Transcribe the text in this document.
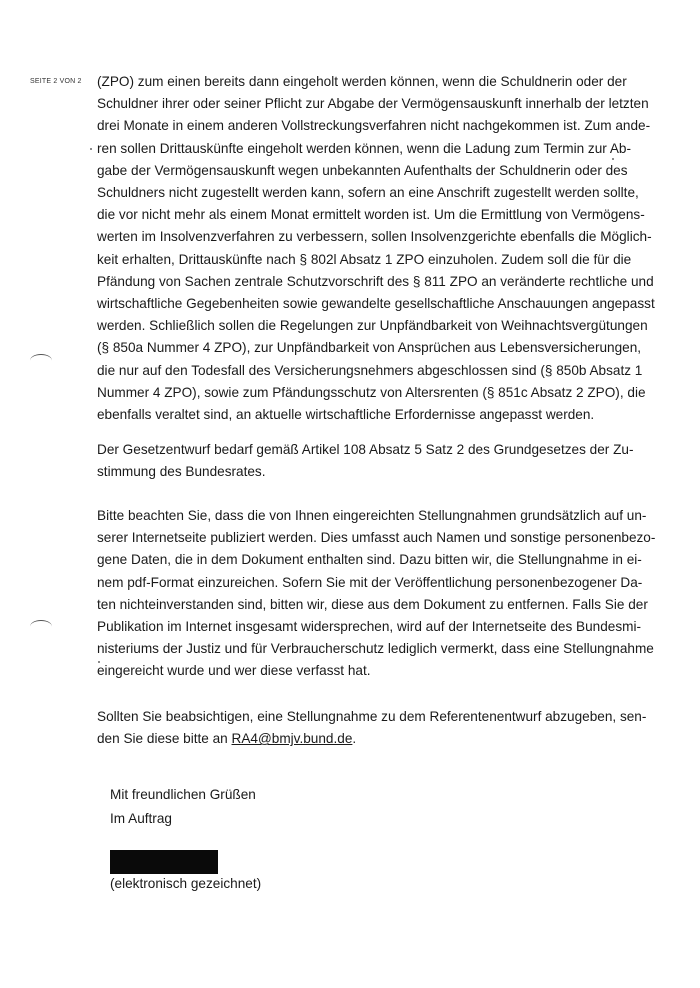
SEITE 2 VON 2 (ZPO) zum einen bereits dann eingeholt werden können, wenn die Schuldnerin oder der
Schuldner ihrer oder seiner Pflicht zur Abgabe der Vermögensauskunft innerhalb der letzten
drei Monate in einem anderen Vollstreckungsverfahren nicht nachgekommen ist. Zum ande-
ren sollen Drittauskünfte eingeholt werden können, wenn die Ladung zum Termin zur Ab-
gabe der Vermögensauskunft wegen unbekannten Aufenthalts der Schuldnerin oder des
Schuldners nicht zugestellt werden kann, sofern an eine Anschrift zugestellt werden sollte,
die vor nicht mehr als einem Monat ermittelt worden ist. Um die Ermittlung von Vermögens-
werten im Insolvenzverfahren zu verbessern, sollen Insolvenzgerichte ebenfalls die Möglich-
keit erhalten, Drittauskünfte nach § 802l Absatz 1 ZPO einzuholen. Zudem soll die für die
Pfändung von Sachen zentrale Schutzvorschrift des § 811 ZPO an veränderte rechtliche und
wirtschaftliche Gegebenheiten sowie gewandelte gesellschaftliche Anschauungen angepasst
werden. Schließlich sollen die Regelungen zur Unpfändbarkeit von Weihnachtsvergütungen
(§ 850a Nummer 4 ZPO), zur Unpfändbarkeit von Ansprüchen aus Lebensversicherungen,
die nur auf den Todesfall des Versicherungsnehmers abgeschlossen sind (§ 850b Absatz 1
Nummer 4 ZPO), sowie zum Pfändungsschutz von Altersrenten (§ 851c Absatz 2 ZPO), die
ebenfalls veraltet sind, an aktuelle wirtschaftliche Erfordernisse angepasst werden.
Der Gesetzentwurf bedarf gemäß Artikel 108 Absatz 5 Satz 2 des Grundgesetzes der Zu-
stimmung des Bundesrates.
Bitte beachten Sie, dass die von Ihnen eingereichten Stellungnahmen grundsätzlich auf un-
serer Internetseite publiziert werden. Dies umfasst auch Namen und sonstige personenbezo-
gene Daten, die in dem Dokument enthalten sind. Dazu bitten wir, die Stellungnahme in ei-
nem pdf-Format einzureichen. Sofern Sie mit der Veröffentlichung personenbezogener Da-
ten nichteinverstanden sind, bitten wir, diese aus dem Dokument zu entfernen. Falls Sie der
Publikation im Internet insgesamt widersprechen, wird auf der Internetseite des Bundesmi-
nisteriums der Justiz und für Verbraucherschutz lediglich vermerkt, dass eine Stellungnahme
eingereicht wurde und wer diese verfasst hat.
Sollten Sie beabsichtigen, eine Stellungnahme zu dem Referentenentwurf abzugeben, sen-
den Sie diese bitte an RA4@bmjv.bund.de.
Mit freundlichen Grüßen
Im Auftrag
(elektronisch gezeichnet)
